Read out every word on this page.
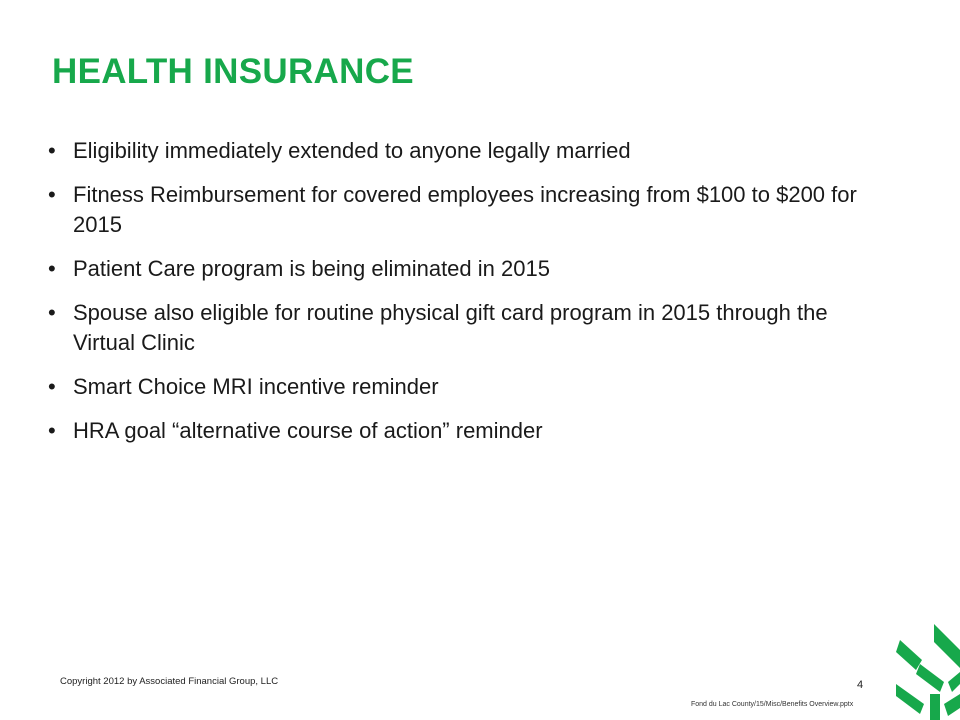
HEALTH INSURANCE
• Eligibility immediately extended to anyone legally married
• Fitness Reimbursement for covered employees increasing from $100 to $200 for 2015
• Patient Care program is being eliminated in 2015
• Spouse also eligible for routine physical gift card program in 2015 through the Virtual Clinic
• Smart Choice MRI incentive reminder
• HRA goal “alternative course of action” reminder
Copyright 2012 by Associated Financial Group, LLC	4
Fond du Lac County/15/Misc/Benefits Overview.pptx
